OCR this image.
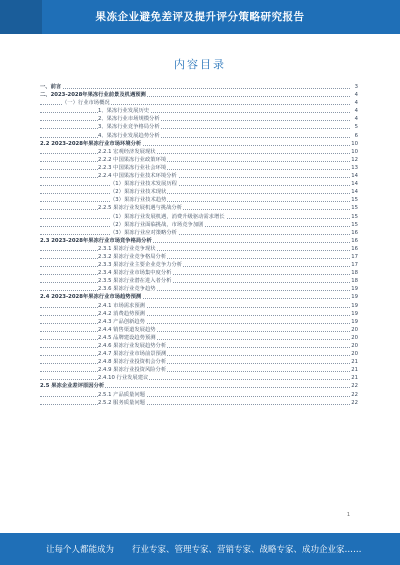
果冻企业避免差评及提升评分策略研究报告
内容目录
一、前言	3
二、2023-2028年果冻行业前景及机遇预测	4
（一）行业市场概况	4
1、果冻行业发展历史	4
2、果冻行业市场规模分析	4
3、果冻行业竞争格局分析	5
4、果冻行业发展趋势分析	6
2.2 2023-2028年果冻行业市场环境分析	10
2.2.1 宏观经济发展现状	10
2.2.2 中国果冻行业政策环境	12
2.2.3 中国果冻行业社会环境	13
2.2.4 中国果冻行业技术环境分析	14
（1）果冻行业技术发展历程	14
（2）果冻行业技术现状	14
（3）果冻行业技术趋势	15
2.2.5 果冻行业发展机遇与挑战分析	15
（1）果冻行业发展机遇，消费升级驱动需求增长	15
（2）果冻行业面临挑战，市场竞争加剧	15
（3）果冻行业应对策略分析	16
2.3 2023-2028年果冻行业市场竞争格局分析	16
2.3.1 果冻行业竞争现状	16
2.3.2 果冻行业竞争格局分析	17
2.3.3 果冻行业主要企业竞争力分析	17
2.3.4 果冻行业市场集中度分析	18
2.3.5 果冻行业潜在进入者分析	18
2.3.6 果冻行业竞争趋势	19
2.4 2023-2028年果冻行业市场趋势预测	19
2.4.1 市场需求预测	19
2.4.2 消费趋势预测	19
2.4.3 产品创新趋势	19
2.4.4 销售渠道发展趋势	20
2.4.5 品牌建设趋势预测	20
2.4.6 果冻行业发展趋势分析	20
2.4.7 果冻行业市场前景预测	20
2.4.8 果冻行业投资机会分析	21
2.4.9 果冻行业投资风险分析	21
2.4.10 行业发展建议	21
2.5 果冻企业差评原因分析	22
2.5.1 产品质量问题	22
2.5.2 服务质量问题	22
1
让每个人都能成为 行业专家、管理专家、营销专家、战略专家、成功企业家……
